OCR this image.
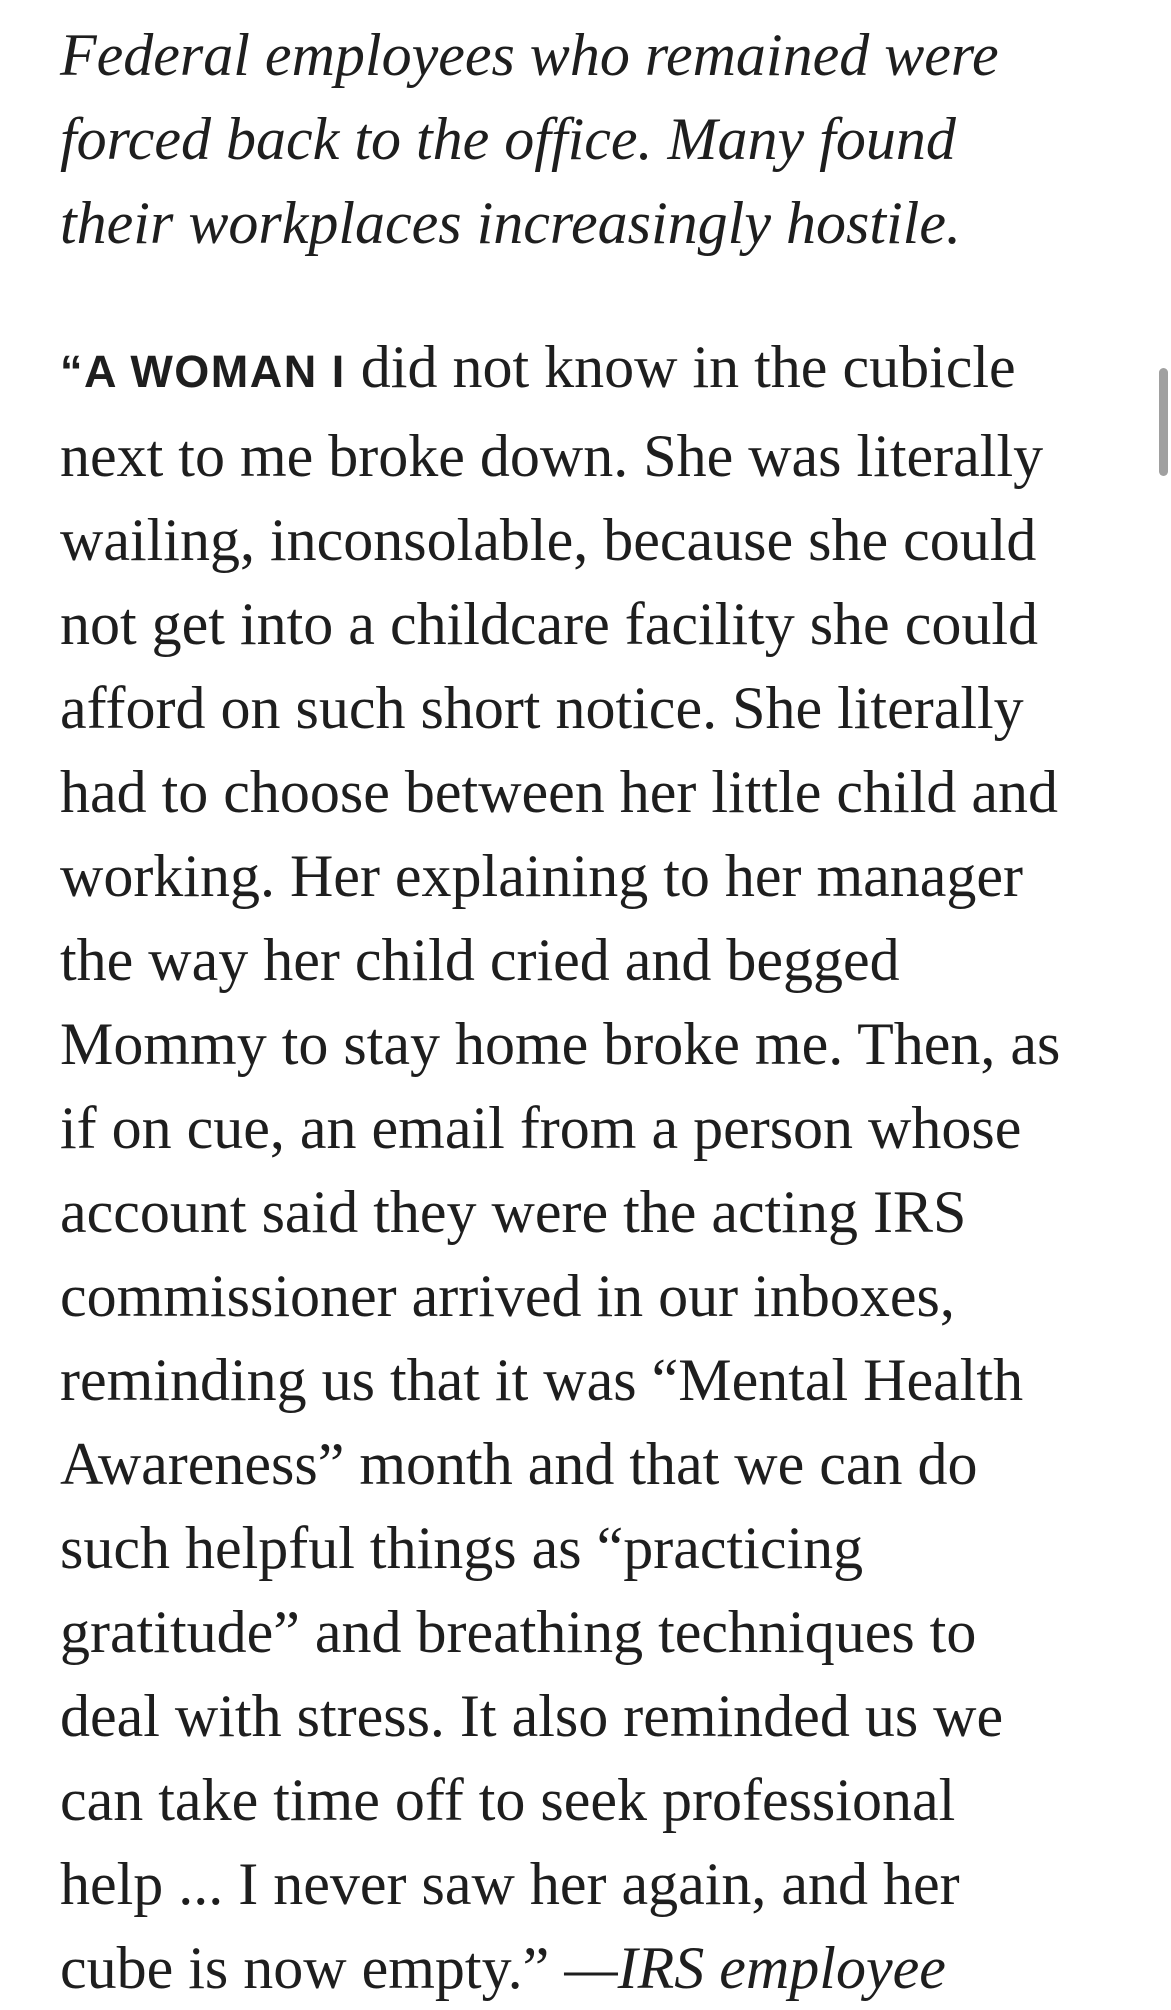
Federal employees who remained were
forced back to the office. Many found
their workplaces increasingly hostile.
“A WOMAN I did not know in the cubicle
next to me broke down. She was literally
wailing, inconsolable, because she could
not get into a childcare facility she could
afford on such short notice. She literally
had to choose between her little child and
working. Her explaining to her manager
the way her child cried and begged
Mommy to stay home broke me. Then, as
if on cue, an email from a person whose
account said they were the acting IRS
commissioner arrived in our inboxes,
reminding us that it was “Mental Health
Awareness” month and that we can do
such helpful things as “practicing
gratitude” and breathing techniques to
deal with stress. It also reminded us we
can take time off to seek professional
help ... I never saw her again, and her
cube is now empty.” —IRS employee
